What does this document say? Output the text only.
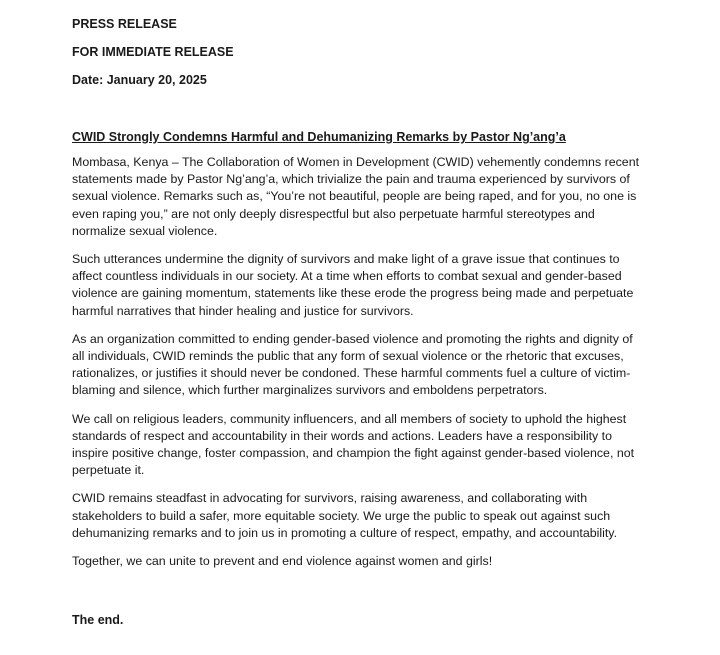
PRESS RELEASE

FOR IMMEDIATE RELEASE

Date: January 20, 2025

CWID Strongly Condemns Harmful and Dehumanizing Remarks by Pastor Ng’ang’a

Mombasa, Kenya – The Collaboration of Women in Development (CWID) vehemently condemns recent statements made by Pastor Ng’ang’a, which trivialize the pain and trauma experienced by survivors of sexual violence. Remarks such as, “You’re not beautiful, people are being raped, and for you, no one is even raping you,” are not only deeply disrespectful but also perpetuate harmful stereotypes and normalize sexual violence.

Such utterances undermine the dignity of survivors and make light of a grave issue that continues to affect countless individuals in our society. At a time when efforts to combat sexual and gender-based violence are gaining momentum, statements like these erode the progress being made and perpetuate harmful narratives that hinder healing and justice for survivors.

As an organization committed to ending gender-based violence and promoting the rights and dignity of all individuals, CWID reminds the public that any form of sexual violence or the rhetoric that excuses, rationalizes, or justifies it should never be condoned. These harmful comments fuel a culture of victim-blaming and silence, which further marginalizes survivors and emboldens perpetrators.

We call on religious leaders, community influencers, and all members of society to uphold the highest standards of respect and accountability in their words and actions. Leaders have a responsibility to inspire positive change, foster compassion, and champion the fight against gender-based violence, not perpetuate it.

CWID remains steadfast in advocating for survivors, raising awareness, and collaborating with stakeholders to build a safer, more equitable society. We urge the public to speak out against such dehumanizing remarks and to join us in promoting a culture of respect, empathy, and accountability.

Together, we can unite to prevent and end violence against women and girls!

The end.
